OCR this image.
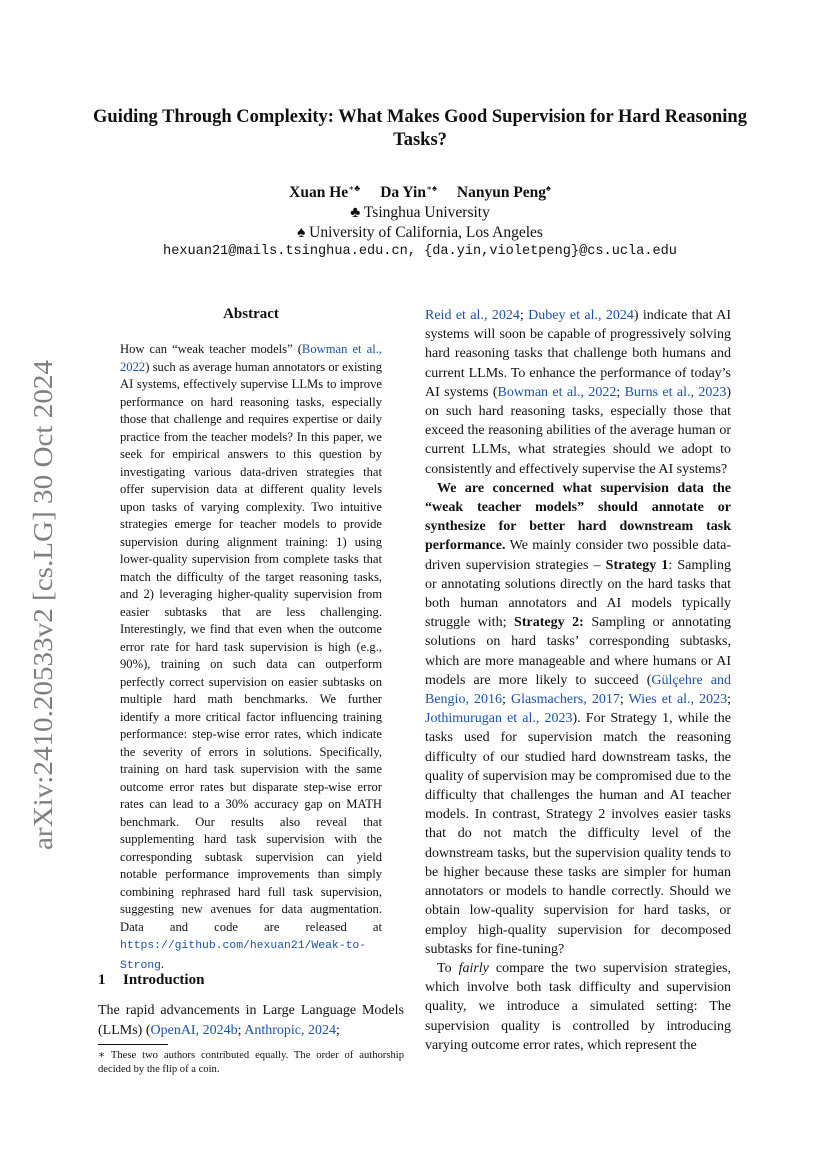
arXiv:2410.20533v2 [cs.LG] 30 Oct 2024
Guiding Through Complexity: What Makes Good Supervision for Hard Reasoning Tasks?
Xuan He∗♣ Da Yin∗♠ Nanyun Peng♠
♣ Tsinghua University
♠ University of California, Los Angeles
hexuan21@mails.tsinghua.edu.cn, {da.yin,violetpeng}@cs.ucla.edu
Abstract

How can “weak teacher models” (Bowman et al., 2022) such as average human annotators or existing AI systems, effectively supervise LLMs to improve performance on hard reasoning tasks, especially those that challenge and requires expertise or daily practice from the teacher models? In this paper, we seek for empirical answers to this question by investigating various data-driven strategies that offer supervision data at different quality levels upon tasks of varying complexity. Two intuitive strategies emerge for teacher models to provide supervision during alignment training: 1) using lower-quality supervision from complete tasks that match the difficulty of the target reasoning tasks, and 2) leveraging higher-quality supervision from easier subtasks that are less challenging. Interestingly, we find that even when the outcome error rate for hard task supervision is high (e.g., 90%), training on such data can outperform perfectly correct supervision on easier subtasks on multiple hard math benchmarks. We further identify a more critical factor influencing training performance: step-wise error rates, which indicate the severity of errors in solutions. Specifically, training on hard task supervision with the same outcome error rates but disparate step-wise error rates can lead to a 30% accuracy gap on MATH benchmark. Our results also reveal that supplementing hard task supervision with the corresponding subtask supervision can yield notable performance improvements than simply combining rephrased hard full task supervision, suggesting new avenues for data augmentation. Data and code are released at https://github.com/hexuan21/Weak-to-Strong.

1 Introduction

The rapid advancements in Large Language Models (LLMs) (OpenAI, 2024b; Anthropic, 2024;

∗ These two authors contributed equally. The order of authorship decided by the flip of a coin.

Reid et al., 2024; Dubey et al., 2024) indicate that AI systems will soon be capable of progressively solving hard reasoning tasks that challenge both humans and current LLMs. To enhance the performance of today’s AI systems (Bowman et al., 2022; Burns et al., 2023) on such hard reasoning tasks, especially those that exceed the reasoning abilities of the average human or current LLMs, what strategies should we adopt to consistently and effectively supervise the AI systems?

We are concerned what supervision data the “weak teacher models” should annotate or synthesize for better hard downstream task performance. We mainly consider two possible data-driven supervision strategies – Strategy 1: Sampling or annotating solutions directly on the hard tasks that both human annotators and AI models typically struggle with; Strategy 2: Sampling or annotating solutions on hard tasks’ corresponding subtasks, which are more manageable and where humans or AI models are more likely to succeed (Gülçehre and Bengio, 2016; Glasmachers, 2017; Wies et al., 2023; Jothimurugan et al., 2023). For Strategy 1, while the tasks used for supervision match the reasoning difficulty of our studied hard downstream tasks, the quality of supervision may be compromised due to the difficulty that challenges the human and AI teacher models. In contrast, Strategy 2 involves easier tasks that do not match the difficulty level of the downstream tasks, but the supervision quality tends to be higher because these tasks are simpler for human annotators or models to handle correctly. Should we obtain low-quality supervision for hard tasks, or employ high-quality supervision for decomposed subtasks for fine-tuning?

To fairly compare the two supervision strategies, which involve both task difficulty and supervision quality, we introduce a simulated setting: The supervision quality is controlled by introducing varying outcome error rates, which represent the
